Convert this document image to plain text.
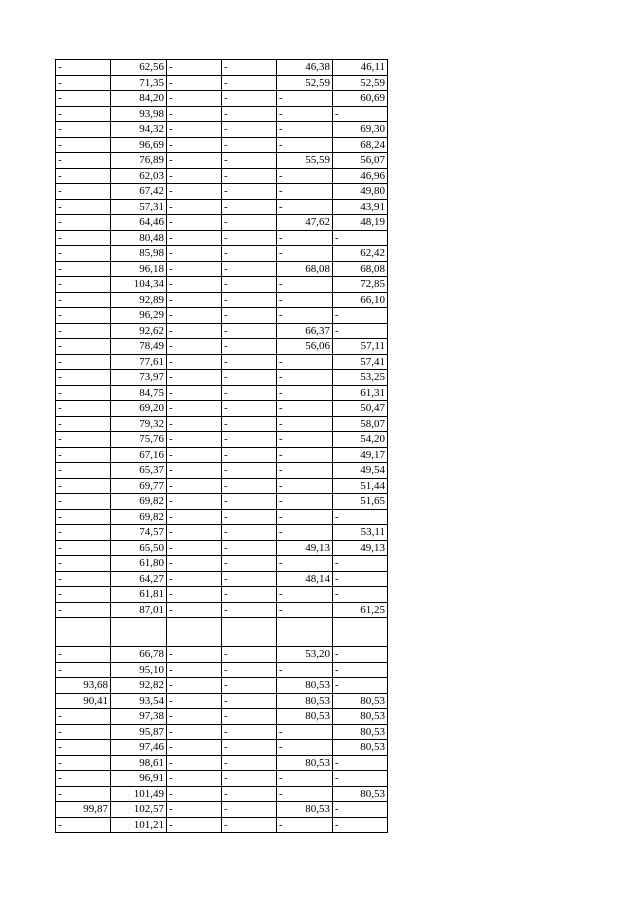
-	62,56	-	-	46,38	46,11
-	71,35	-	-	52,59	52,59
-	84,20	-	-	-	60,69
-	93,98	-	-	-	-
-	94,32	-	-	-	69,30
-	96,69	-	-	-	68,24
-	76,89	-	-	55,59	56,07
-	62,03	-	-	-	46,96
-	67,42	-	-	-	49,80
-	57,31	-	-	-	43,91
-	64,46	-	-	47,62	48,19
-	80,48	-	-	-	-
-	85,98	-	-	-	62,42
-	96,18	-	-	68,08	68,08
-	104,34	-	-	-	72,85
-	92,89	-	-	-	66,10
-	96,29	-	-	-	-
-	92,62	-	-	66,37	-
-	78,49	-	-	56,06	57,11
-	77,61	-	-	-	57,41
-	73,97	-	-	-	53,25
-	84,75	-	-	-	61,31
-	69,20	-	-	-	50,47
-	79,32	-	-	-	58,07
-	75,76	-	-	-	54,20
-	67,16	-	-	-	49,17
-	65,37	-	-	-	49,54
-	69,77	-	-	-	51,44
-	69,82	-	-	-	51,65
-	69,82	-	-	-	-
-	74,57	-	-	-	53,11
-	65,50	-	-	49,13	49,13
-	61,80	-	-	-	-
-	64,27	-	-	48,14	-
-	61,81	-	-	-	-
-	87,01	-	-	-	61,25

-	66,78	-	-	53,20	-
-	95,10	-	-	-	-
93,68	92,82	-	-	80,53	-
90,41	93,54	-	-	80,53	80,53
-	97,38	-	-	80,53	80,53
-	95,87	-	-	-	80,53
-	97,46	-	-	-	80,53
-	98,61	-	-	80,53	-
-	96,91	-	-	-	-
-	101,49	-	-	-	80,53
99,87	102,57	-	-	80,53	-
-	101,21	-	-	-	-
